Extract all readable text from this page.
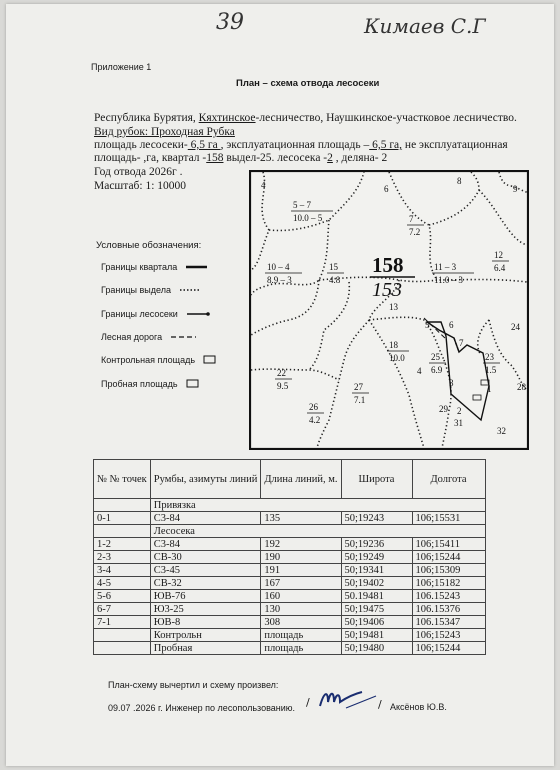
39	Кимаев С.Г
Приложение 1
План – схема отвода лесосеки
Республика Бурятия, Кяхтинское-лесничество, Наушкинское-участковое лесничество.
Вид рубок: Проходная Рубка
площадь лесосеки- 6,5 га , эксплуатационная площадь – 6,5 га, не эксплуатационная
площадь- ,га, квартал -158 выдел-25. лесосека -2 , деляна- 2
Год отвода 2026г .
Масштаб: 1: 10000
Условные обозначения:
Границы квартала
Границы выдела
Границы лесосеки
Лесная дорога
Контрольная площадь
Пробная площадь
158
153
4	6
8
9
5 – 7
10.0 – 5	7
7.2
12
6.4
10 – 4
8.9 – 3
15
4.8
11 – 3
11.0 – 3
13
24
18
10.0	25
6.9
23
1.5
22
9.5	27
7.1
26
4.2
29
31
32
28
5 6
7
4
3
2
1
№ № точек	Румбы, азимуты линий	Длина линий, м.	Широта	Долгота
	Привязка			
0-1	С3-84	135	50;19243	106;15531
	Лесосека			
1-2	С3-84	192	50;19236	106;15411
2-3	СВ-30	190	50;19249	106;15244
3-4	С3-45	191	50;19341	106;15309
4-5	СВ-32	167	50;19402	106;15182
5-6	ЮВ-76	160	50.19481	106.15243
6-7	Ю3-25	130	50;19475	106.15376
7-1	ЮВ-8	308	50;19406	106.15347
	Контрольн	площадь	50;19481	106;15243
	Пробная	площадь	50;19480	106;15244
План-схему вычертил и схему произвел:
09.07 .2026 г. Инженер по лесопользованию. /	/ Аксёнов Ю.В.
